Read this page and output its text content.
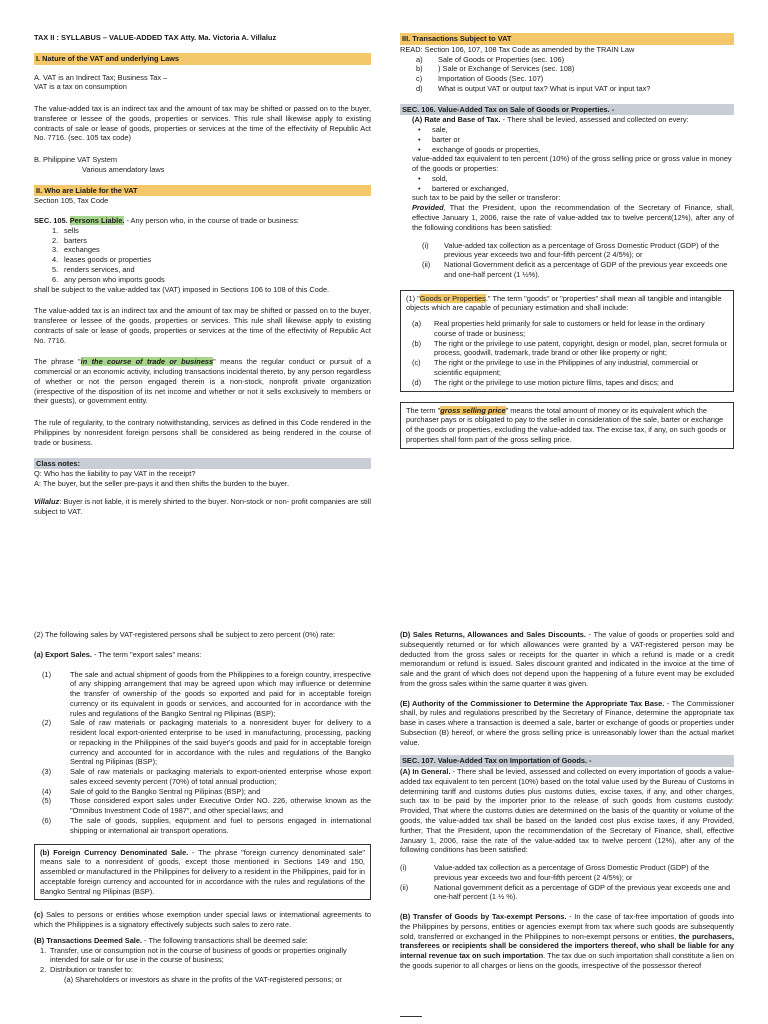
TAX II : SYLLABUS – VALUE-ADDED TAX Atty. Ma. Victoria A. Villaluz

I. Nature of the VAT and underlying Laws

A. VAT is an Indirect Tax; Business Tax –

VAT is a tax on consumption

The value-added tax is an indirect tax and the amount of tax may be shifted or passed on to the buyer, transferee or lessee of the goods, properties or services. This rule shall likewise apply to existing contracts of sale or lease of goods, properties or services at the time of the effectivity of Republic Act No. 7716. (sec. 105 tax code)

B. Philippine VAT System

Various amendatory laws

II. Who are Liable for the VAT

Section 105, Tax Code

SEC. 105. Persons Liable. - Any person who, in the course of trade or business:

1. sells
2. barters
3. exchanges
4. leases goods or properties
5. renders services, and
6. any person who imports goods

shall be subject to the value-added tax (VAT) imposed in Sections 106 to 108 of this Code.

The value-added tax is an indirect tax and the amount of tax may be shifted or passed on to the buyer, transferee or lessee of the goods, properties or services. This rule shall likewise apply to existing contracts of sale or lease of goods, properties or services at the time of the effectivity of Republic Act No. 7716.

The phrase "in the course of trade or business" means the regular conduct or pursuit of a commercial or an economic activity, including transactions incidental thereto, by any person regardless of whether or not the person engaged therein is a non-stock, nonprofit private organization (irrespective of the disposition of its net income and whether or not it sells exclusively to members or their guests), or government entity.

The rule of regularity, to the contrary notwithstanding, services as defined in this Code rendered in the Philippines by nonresident foreign persons shall be considered as being rendered in the course of trade or business.

Class notes:

Q: Who has the liability to pay VAT in the receipt?

A: The buyer, but the seller pre-pays it and then shifts the burden to the buyer.

Villaluz: Buyer is not liable, it is merely shirted to the buyer. Non-stock or non- profit companies are still subject to VAT.

III. Transactions Subject to VAT

READ: Section 106, 107, 108 Tax Code as amended by the TRAIN Law

a) Sale of Goods or Properties (sec. 106)
b) ) Sale or Exchange of Services (sec. 108)
c) Importation of Goods (Sec. 107)
d) What is output VAT or output tax? What is input VAT or input tax?

SEC. 106. Value-Added Tax on Sale of Goods or Properties. -

(A) Rate and Base of Tax. - There shall be levied, assessed and collected on every:

• sale,
• barter or
• exchange of goods or properties,

value-added tax equivalent to ten percent (10%) of the gross selling price or gross value in money of the goods or properties:

• sold,
• bartered or exchanged,

such tax to be paid by the seller or transferor:

Provided, That the President, upon the recommendation of the Secretary of Finance, shall, effective January 1, 2006, raise the rate of value-added tax to twelve percent(12%), after any of the following conditions has been satisfied:

(i) Value-added tax collection as a percentage of Gross Domestic Product (GDP) of the previous year exceeds two and four-fifth percent (2 4/5%); or
(ii) National Government deficit as a percentage of GDP of the previous year exceeds one and one-half percent (1 ½%).

(1) "Goods or Properties." The term "goods" or "properties" shall mean all tangible and intangible objects which are capable of pecuniary estimation and shall include:

(a) Real properties held primarily for sale to customers or held for lease in the ordinary course of trade or business;
(b) The right or the privilege to use patent, copyright, design or model, plan, secret formula or process, goodwill, trademark, trade brand or other like property or right;
(c) The right or the privilege to use in the Philippines of any industrial, commercial or scientific equipment;
(d) The right or the privilege to use motion picture films, tapes and discs; and

The term "gross selling price" means the total amount of money or its equivalent which the purchaser pays or is obligated to pay to the seller in consideration of the sale, barter or exchange of the goods or properties, excluding the value-added tax. The excise tax, if any, on such goods or properties shall form part of the gross selling price.

(2) The following sales by VAT-registered persons shall be subject to zero percent (0%) rate:

(a) Export Sales. - The term "export sales" means:

(1)	The sale and actual shipment of goods from the Philippines to a foreign country, irrespective of any shipping arrangement that may be agreed upon which may influence or determine the transfer of ownership of the goods so exported and paid for in acceptable foreign currency or its equivalent in goods or services, and accounted for in accordance with the rules and regulations of the Bangko Sentral ng Pilipinas (BSP);
(2)	Sale of raw materials or packaging materials to a nonresident buyer for delivery to a resident local export-oriented enterprise to be used in manufacturing, processing, packing or repacking in the Philippines of the said buyer's goods and paid for in acceptable foreign currency and accounted for in accordance with the rules and regulations of the Bangko Sentral ng Pilipinas (BSP);
(3)	Sale of raw materials or packaging materials to export-oriented enterprise whose export sales exceed seventy percent (70%) of total annual production;
(4)	Sale of gold to the Bangko Sentral ng Pilipinas (BSP); and
(5)	Those considered export sales under Executive Order NO. 226, otherwise known as the "Omnibus Investment Code of 1987", and other special laws; and
(6)	The sale of goods, supplies, equipment and fuel to persons engaged in international shipping or international air transport operations.

(b) Foreign Currency Denominated Sale. - The phrase "foreign currency denominated sale" means sale to a nonresident of goods, except those mentioned in Sections 149 and 150, assembled or manufactured in the Philippines for delivery to a resident in the Philippines, paid for in acceptable foreign currency and accounted for in accordance with the rules and regulations of the Bangko Sentral ng Pilipinas (BSP).

(c) Sales to persons or entities whose exemption under special laws or international agreements to which the Philippines is a signatory effectively subjects such sales to zero rate.

(B) Transactions Deemed Sale. - The following transactions shall be deemed sale:

1. Transfer, use or consumption not in the course of business of goods or properties originally intended for sale or for use in the course of business;
2. Distribution or transfer to:

(a) Shareholders or investors as share in the profits of the VAT-registered persons; or

(D) Sales Returns, Allowances and Sales Discounts. - The value of goods or properties sold and subsequently returned or for which allowances were granted by a VAT-registered person may be deducted from the gross sales or receipts for the quarter in which a refund is made or a credit memorandum or refund is issued. Sales discount granted and indicated in the invoice at the time of sale and the grant of which does not depend upon the happening of a future event may be excluded from the gross sales within the same quarter it was given.

(E) Authority of the Commissioner to Determine the Appropriate Tax Base. - The Commissioner shall, by rules and regulations prescribed by the Secretary of Finance, determine the appropriate tax base in cases where a transaction is deemed a sale, barter or exchange of goods or properties under Subsection (B) hereof, or where the gross selling price is unreasonably lower than the actual market value.

SEC. 107. Value-Added Tax on Importation of Goods. -

(A) In General. - There shall be levied, assessed and collected on every importation of goods a value-added tax equivalent to ten percent (10%) based on the total value used by the Bureau of Customs in determining tariff and customs duties plus customs duties, excise taxes, if any, and other charges, such tax to be paid by the importer prior to the release of such goods from customs custody: Provided, That where the customs duties are determined on the basis of the quantity or volume of the goods, the value-added tax shall be based on the landed cost plus excise taxes, if any Provided, further, That the President, upon the recommendation of the Secretary of Finance, shall, effective January 1, 2006, raise the rate of the value-added tax to twelve percent (12%), after any of the following conditions has been satisfied:

(i)	Value-added tax collection as a percentage of Gross Domestic Product (GDP) of the previous year exceeds two and four-fifth percent (2 4/5%); or
(ii)	National government deficit as a percentage of GDP of the previous year exceeds one and one-half percent (1 ½ %).

(B) Transfer of Goods by Tax-exempt Persons. - In the case of tax-free importation of goods into the Philippines by persons, entities or agencies exempt from tax where such goods are subsequently sold, transferred or exchanged in the Philippines to non-exempt persons or entities, the purchasers, transferees or recipients shall be considered the importers thereof, who shall be liable for any internal revenue tax on such importation. The tax due on such importation shall constitute a lien on the goods superior to all charges or liens on the goods, irrespective of the possessor thereof
